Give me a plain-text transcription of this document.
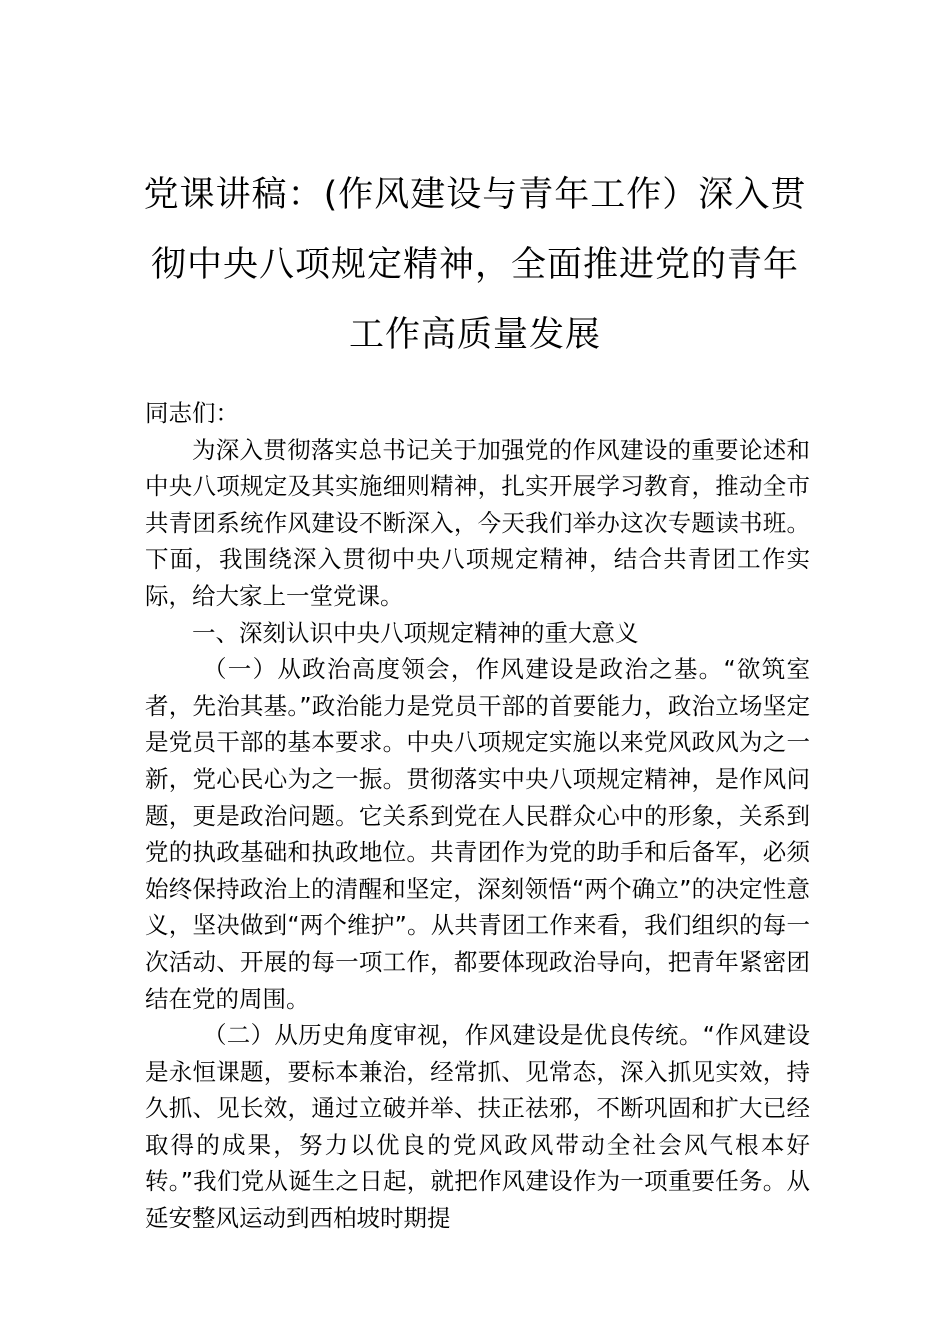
党课讲稿：(作风建设与青年工作）深入贯
彻中央八项规定精神，全面推进党的青年
工作高质量发展

同志们：

为深入贯彻落实总书记关于加强党的作风建设的重要论述和中央八项规定及其实施细则精神，扎实开展学习教育，推动全市共青团系统作风建设不断深入，今天我们举办这次专题读书班。下面，我围绕深入贯彻中央八项规定精神，结合共青团工作实际，给大家上一堂党课。

一、深刻认识中央八项规定精神的重大意义

（一）从政治高度领会，作风建设是政治之基。“欲筑室者，先治其基。”政治能力是党员干部的首要能力，政治立场坚定是党员干部的基本要求。中央八项规定实施以来党风政风为之一新，党心民心为之一振。贯彻落实中央八项规定精神，是作风问题，更是政治问题。它关系到党在人民群众心中的形象，关系到党的执政基础和执政地位。共青团作为党的助手和后备军，必须始终保持政治上的清醒和坚定，深刻领悟“两个确立”的决定性意义，坚决做到“两个维护”。从共青团工作来看，我们组织的每一次活动、开展的每一项工作，都要体现政治导向，把青年紧密团结在党的周围。

（二）从历史角度审视，作风建设是优良传统。“作风建设是永恒课题，要标本兼治，经常抓、见常态，深入抓见实效，持久抓、见长效，通过立破并举、扶正祛邪，不断巩固和扩大已经取得的成果，努力以优良的党风政风带动全社会风气根本好转。”我们党从诞生之日起，就把作风建设作为一项重要任务。从延安整风运动到西柏坡时期提
